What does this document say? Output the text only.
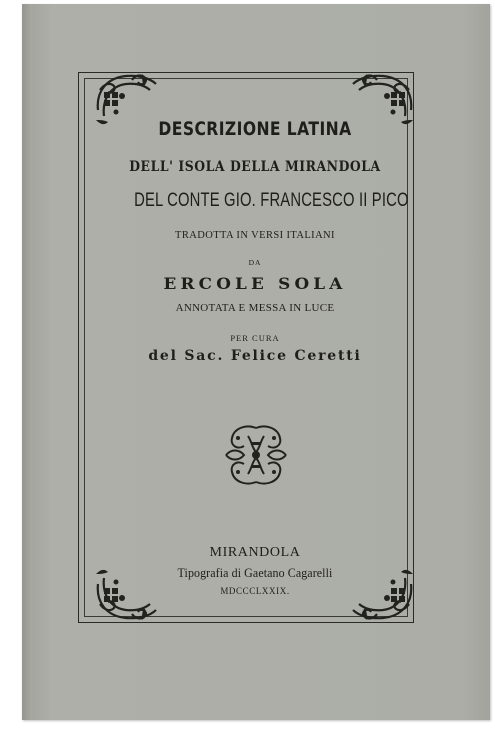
DESCRIZIONE LATINA
DELL' ISOLA DELLA MIRANDOLA
DEL CONTE GIO. FRANCESCO II PICO
TRADOTTA IN VERSI ITALIANI
DA
ERCOLE SOLA
ANNOTATA E MESSA IN LUCE
PER CURA
del Sac. Felice Ceretti
MIRANDOLA
Tipografia di Gaetano Cagarelli
MDCCCLXXIX.
